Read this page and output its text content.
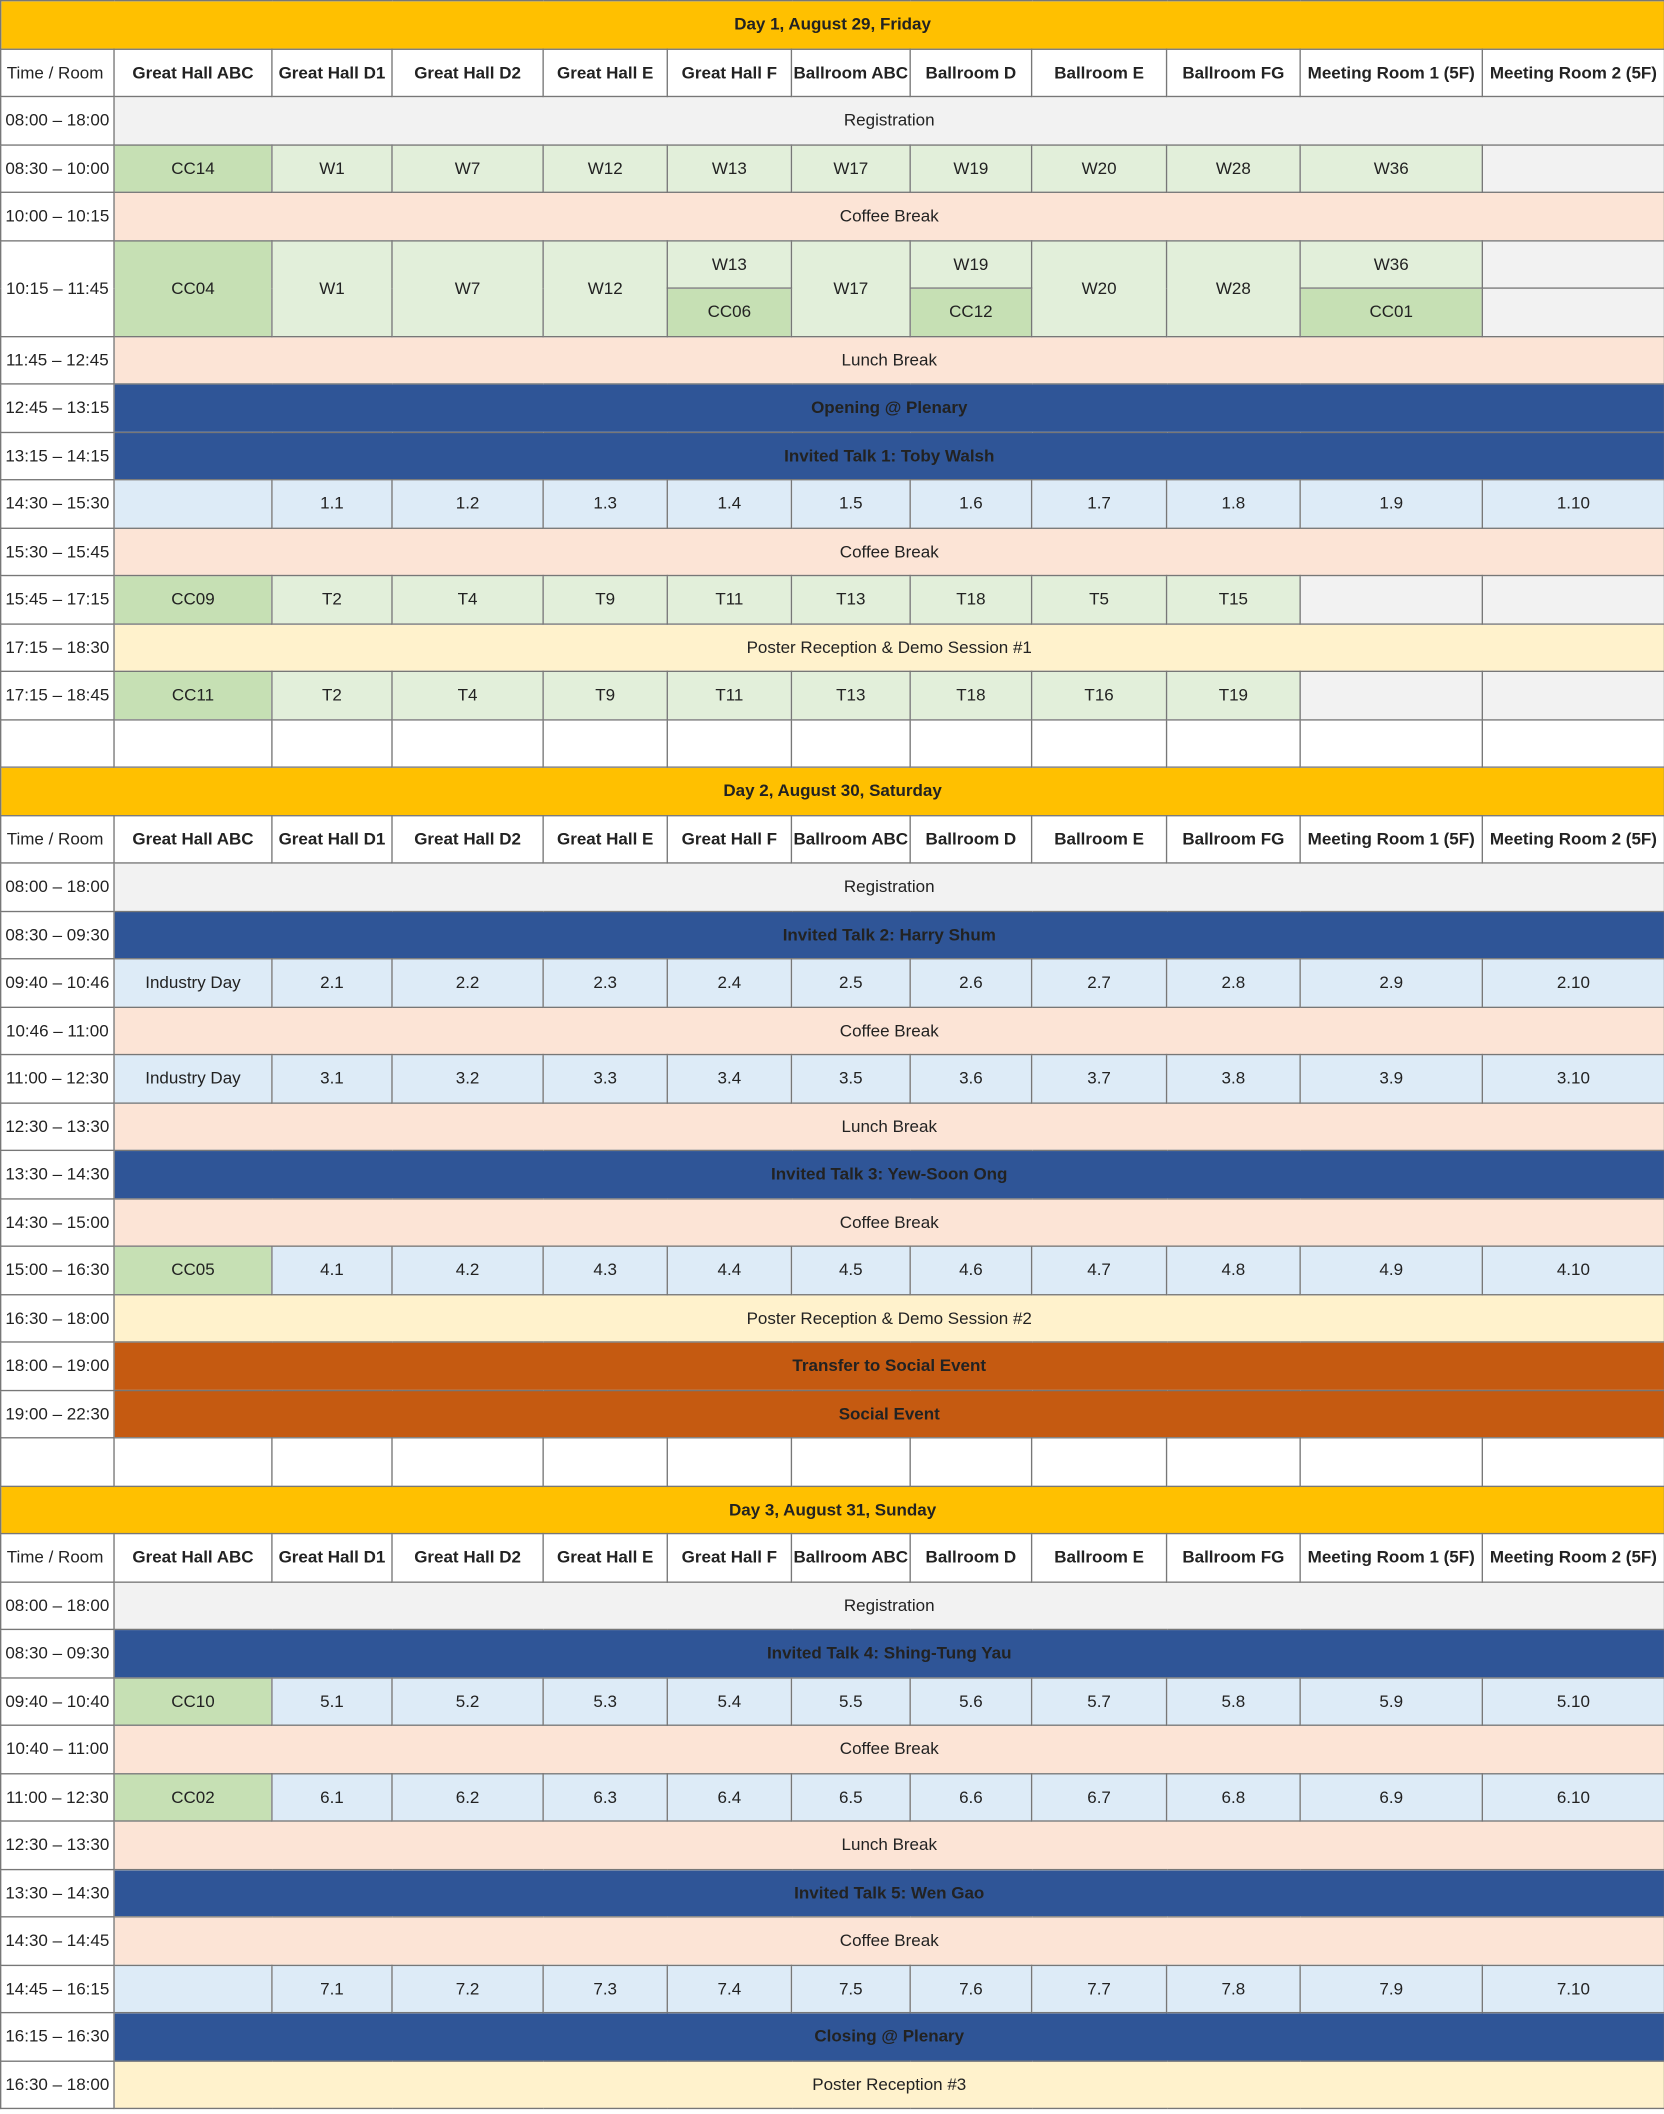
Day 1, August 29, Friday											
Time / Room	Great Hall ABC	Great Hall D1	Great Hall D2	Great Hall E	Great Hall F	Ballroom ABC	Ballroom D	Ballroom E	Ballroom FG	Meeting Room 1 (5F)	Meeting Room 2 (5F)
08:00 – 18:00	Registration										
08:30 – 10:00	CC14	W1	W7	W12	W13	W17	W19	W20	W28	W36	
10:00 – 10:15	Coffee Break										
10:15 – 11:45	CC04	W1	W7	W12	W13	W17	W19	W20	W28	W36	
					CC06		CC12			CC01	
11:45 – 12:45	Lunch Break										
12:45 – 13:15	Opening @ Plenary										
13:15 – 14:15	Invited Talk 1: Toby Walsh										
14:30 – 15:30		1.1	1.2	1.3	1.4	1.5	1.6	1.7	1.8	1.9	1.10
15:30 – 15:45	Coffee Break										
15:45 – 17:15	CC09	T2	T4	T9	T11	T13	T18	T5	T15		
17:15 – 18:30	Poster Reception & Demo Session #1										
17:15 – 18:45	CC11	T2	T4	T9	T11	T13	T18	T16	T19		

Day 2, August 30, Saturday											
Time / Room	Great Hall ABC	Great Hall D1	Great Hall D2	Great Hall E	Great Hall F	Ballroom ABC	Ballroom D	Ballroom E	Ballroom FG	Meeting Room 1 (5F)	Meeting Room 2 (5F)
08:00 – 18:00	Registration										
08:30 – 09:30	Invited Talk 2: Harry Shum										
09:40 – 10:46	Industry Day	2.1	2.2	2.3	2.4	2.5	2.6	2.7	2.8	2.9	2.10
10:46 – 11:00	Coffee Break										
11:00 – 12:30	Industry Day	3.1	3.2	3.3	3.4	3.5	3.6	3.7	3.8	3.9	3.10
12:30 – 13:30	Lunch Break										
13:30 – 14:30	Invited Talk 3: Yew-Soon Ong										
14:30 – 15:00	Coffee Break										
15:00 – 16:30	CC05	4.1	4.2	4.3	4.4	4.5	4.6	4.7	4.8	4.9	4.10
16:30 – 18:00	Poster Reception & Demo Session #2										
18:00 – 19:00	Transfer to Social Event										
19:00 – 22:30	Social Event										

Day 3, August 31, Sunday											
Time / Room	Great Hall ABC	Great Hall D1	Great Hall D2	Great Hall E	Great Hall F	Ballroom ABC	Ballroom D	Ballroom E	Ballroom FG	Meeting Room 1 (5F)	Meeting Room 2 (5F)
08:00 – 18:00	Registration										
08:30 – 09:30	Invited Talk 4: Shing-Tung Yau										
09:40 – 10:40	CC10	5.1	5.2	5.3	5.4	5.5	5.6	5.7	5.8	5.9	5.10
10:40 – 11:00	Coffee Break										
11:00 – 12:30	CC02	6.1	6.2	6.3	6.4	6.5	6.6	6.7	6.8	6.9	6.10
12:30 – 13:30	Lunch Break										
13:30 – 14:30	Invited Talk 5: Wen Gao										
14:30 – 14:45	Coffee Break										
14:45 – 16:15		7.1	7.2	7.3	7.4	7.5	7.6	7.7	7.8	7.9	7.10
16:15 – 16:30	Closing @ Plenary										
16:30 – 18:00	Poster Reception #3										
